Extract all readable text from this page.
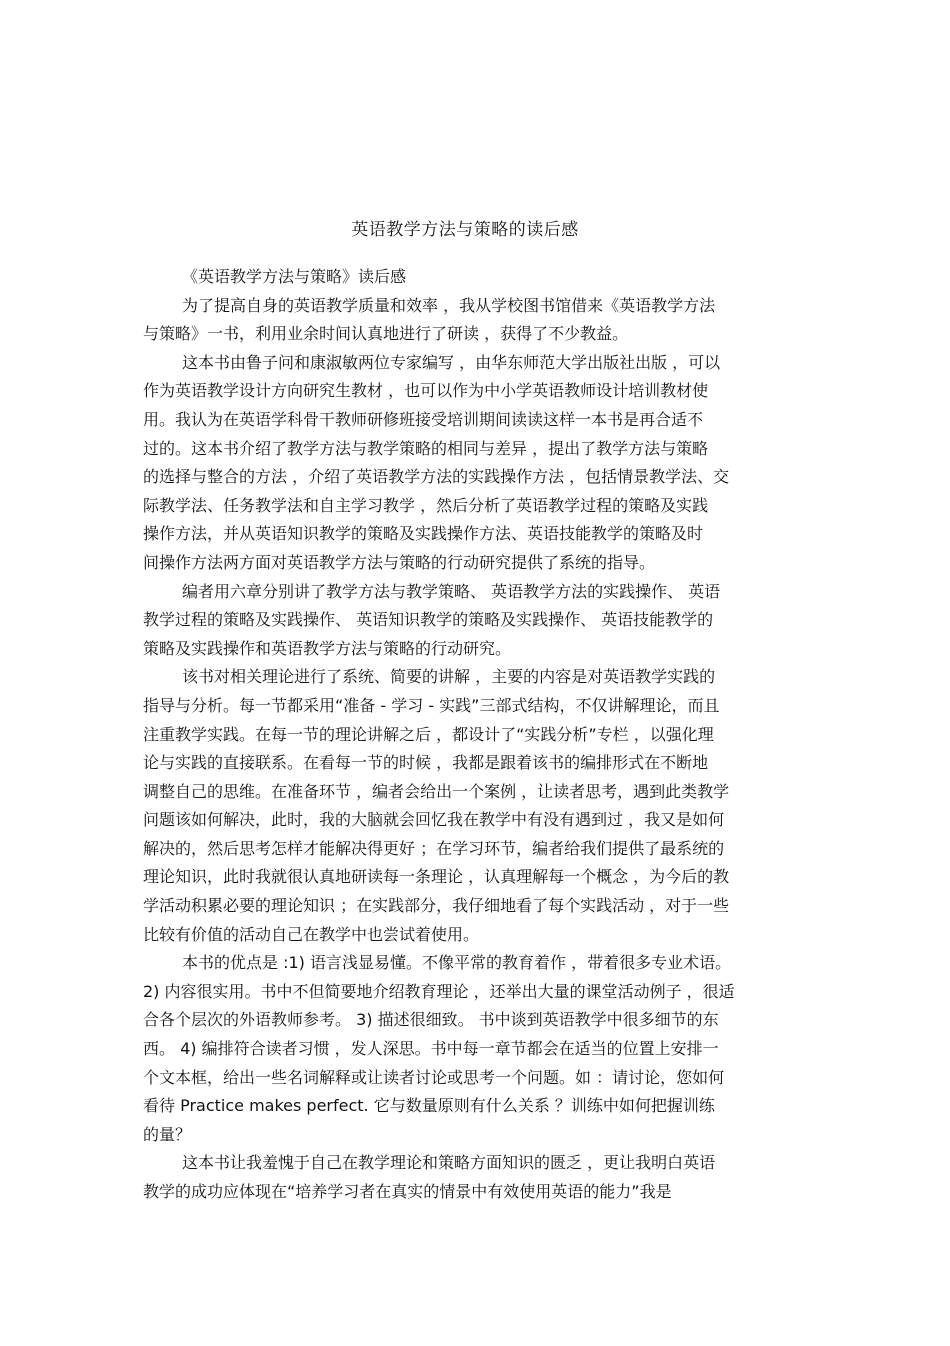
英语教学方法与策略的读后感
《英语教学方法与策略》读后感
为了提高自身的英语教学质量和效率 ，我从学校图书馆借来《英语教学方法
与策略》一书，利用业余时间认真地进行了研读 ，获得了不少教益。
这本书由鲁子问和康淑敏两位专家编写 ，由华东师范大学出版社出版 ，可以
作为英语教学设计方向研究生教材 ，也可以作为中小学英语教师设计培训教材使
用。我认为在英语学科骨干教师研修班接受培训期间读读这样一本书是再合适不
过的。这本书介绍了教学方法与教学策略的相同与差异 ，提出了教学方法与策略
的选择与整合的方法 ，介绍了英语教学方法的实践操作方法 ，包括情景教学法、交
际教学法、任务教学法和自主学习教学 ，然后分析了英语教学过程的策略及实践
操作方法，并从英语知识教学的策略及实践操作方法、英语技能教学的策略及时
间操作方法两方面对英语教学方法与策略的行动研究提供了系统的指导。
编者用六章分别讲了教学方法与教学策略、 英语教学方法的实践操作、 英语
教学过程的策略及实践操作、 英语知识教学的策略及实践操作、 英语技能教学的
策略及实践操作和英语教学方法与策略的行动研究。
该书对相关理论进行了系统、简要的讲解 ，主要的内容是对英语教学实践的
指导与分析。每一节都采用“准备 - 学习 - 实践”三部式结构，不仅讲解理论，而且
注重教学实践。在每一节的理论讲解之后 ，都设计了“实践分析”专栏 ，以强化理
论与实践的直接联系。在看每一节的时候 ，我都是跟着该书的编排形式在不断地
调整自己的思维。在准备环节 ，编者会给出一个案例 ，让读者思考，遇到此类教学
问题该如何解决，此时，我的大脑就会回忆我在教学中有没有遇到过 ，我又是如何
解决的，然后思考怎样才能解决得更好 ；在学习环节，编者给我们提供了最系统的
理论知识，此时我就很认真地研读每一条理论 ，认真理解每一个概念 ，为今后的教
学活动积累必要的理论知识 ；在实践部分，我仔细地看了每个实践活动 ，对于一些
比较有价值的活动自己在教学中也尝试着使用。
本书的优点是 :1) 语言浅显易懂。不像平常的教育着作 ，带着很多专业术语。
2) 内容很实用。书中不但简要地介绍教育理论 ，还举出大量的课堂活动例子 ，很适
合各个层次的外语教师参考。 3) 描述很细致。 书中谈到英语教学中很多细节的东
西。 4) 编排符合读者习惯 ，发人深思。书中每一章节都会在适当的位置上安排一
个文本框，给出一些名词解释或让读者讨论或思考一个问题。如 ：请讨论，您如何
看待 Practice makes perfect. 它与数量原则有什么关系 ？训练中如何把握训练
的量？
这本书让我羞愧于自己在教学理论和策略方面知识的匮乏 ，更让我明白英语
教学的成功应体现在“培养学习者在真实的情景中有效使用英语的能力”我是
